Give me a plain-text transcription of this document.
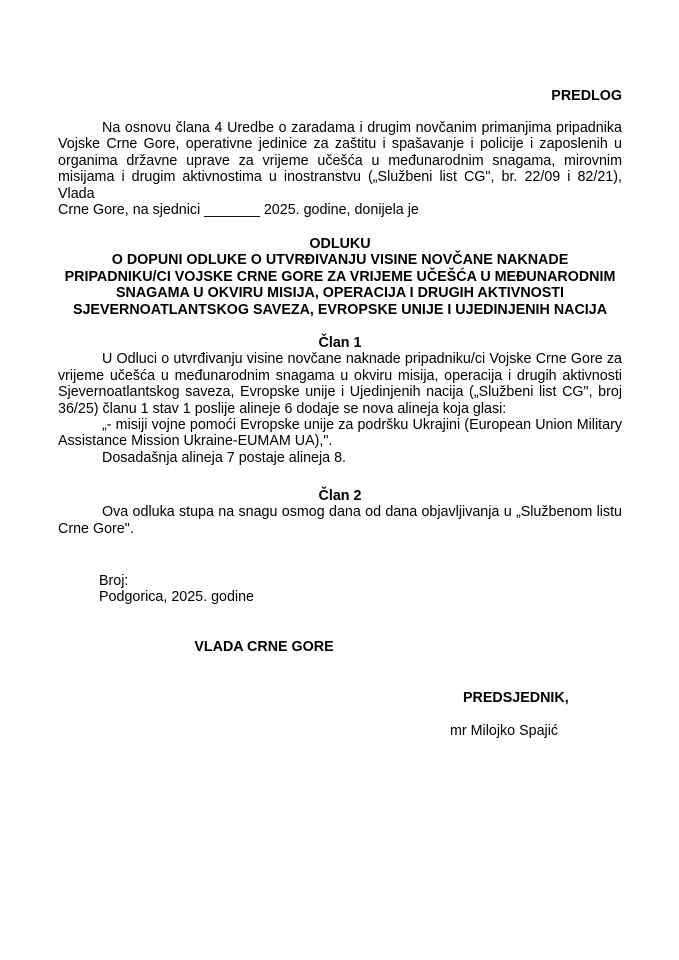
PREDLOG
Na osnovu člana 4 Uredbe o zaradama i drugim novčanim primanjima pripadnika
Vojske Crne Gore, operativne jedinice za zaštitu i spašavanje i policije i zaposlenih u
organima državne uprave za vrijeme učešća u međunarodnim snagama, mirovnim
misijama i drugim aktivnostima u inostranstvu („Službeni list CG", br. 22/09 i 82/21), Vlada
Crne Gore, na sjednici _______ 2025. godine, donijela je
ODLUKU
O DOPUNI ODLUKE O UTVRĐIVANJU VISINE NOVČANE NAKNADE
PRIPADNIKU/CI VOJSKE CRNE GORE ZA VRIJEME UČEŠĆA U MEĐUNARODNIM
SNAGAMA U OKVIRU MISIJA, OPERACIJA I DRUGIH AKTIVNOSTI
SJEVERNOATLANTSKOG SAVEZA, EVROPSKE UNIJE I UJEDINJENIH NACIJA
Član 1
U Odluci o utvrđivanju visine novčane naknade pripadniku/ci Vojske Crne Gore za
vrijeme učešća u međunarodnim snagama u okviru misija, operacija i drugih aktivnosti
Sjevernoatlantskog saveza, Evropske unije i Ujedinjenih nacija („Službeni list CG", broj
36/25) članu 1 stav 1 poslije alineje 6 dodaje se nova alineja koja glasi:
„- misiji vojne pomoći Evropske unije za podršku Ukrajini (European Union Military
Assistance Mission Ukraine-EUMAM UA),".
Dosadašnja alineja 7 postaje alineja 8.
Član 2
Ova odluka stupa na snagu osmog dana od dana objavljivanja u „Službenom listu
Crne Gore".
Broj:
Podgorica, 2025. godine
VLADA CRNE GORE
PREDSJEDNIK,
mr Milojko Spajić
